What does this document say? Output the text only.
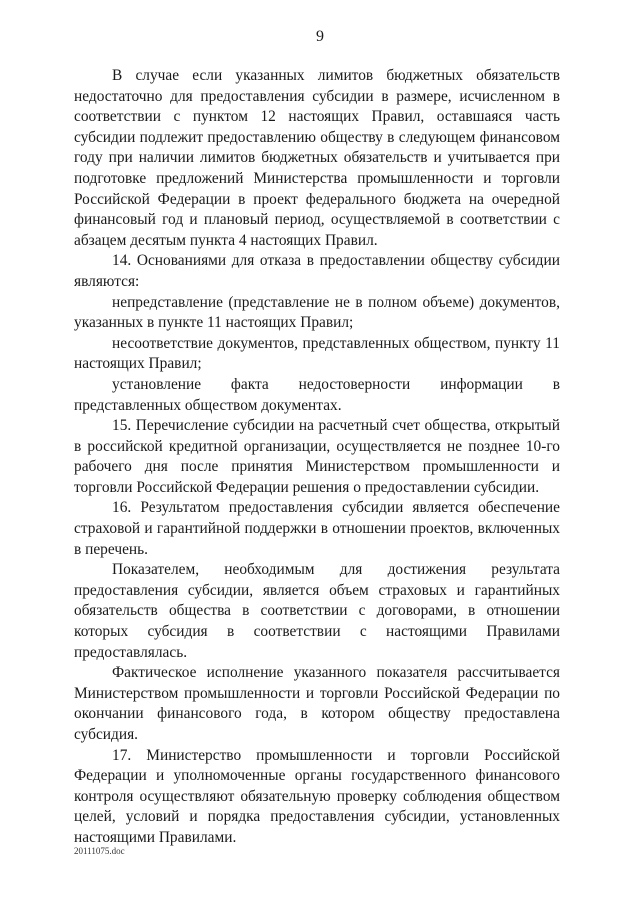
9

В случае если указанных лимитов бюджетных обязательств недостаточно для предоставления субсидии в размере, исчисленном в соответствии с пунктом 12 настоящих Правил, оставшаяся часть субсидии подлежит предоставлению обществу в следующем финансовом году при наличии лимитов бюджетных обязательств и учитывается при подготовке предложений Министерства промышленности и торговли Российской Федерации в проект федерального бюджета на очередной финансовый год и плановый период, осуществляемой в соответствии с абзацем десятым пункта 4 настоящих Правил.

14. Основаниями для отказа в предоставлении обществу субсидии являются:

непредставление (представление не в полном объеме) документов, указанных в пункте 11 настоящих Правил;

несоответствие документов, представленных обществом, пункту 11 настоящих Правил;

установление факта недостоверности информации в представленных обществом документах.

15. Перечисление субсидии на расчетный счет общества, открытый в российской кредитной организации, осуществляется не позднее 10-го рабочего дня после принятия Министерством промышленности и торговли Российской Федерации решения о предоставлении субсидии.

16. Результатом предоставления субсидии является обеспечение страховой и гарантийной поддержки в отношении проектов, включенных в перечень.

Показателем, необходимым для достижения результата предоставления субсидии, является объем страховых и гарантийных обязательств общества в соответствии с договорами, в отношении которых субсидия в соответствии с настоящими Правилами предоставлялась.

Фактическое исполнение указанного показателя рассчитывается Министерством промышленности и торговли Российской Федерации по окончании финансового года, в котором обществу предоставлена субсидия.

17. Министерство промышленности и торговли Российской Федерации и уполномоченные органы государственного финансового контроля осуществляют обязательную проверку соблюдения обществом целей, условий и порядка предоставления субсидии, установленных настоящими Правилами.

20111075.doc
